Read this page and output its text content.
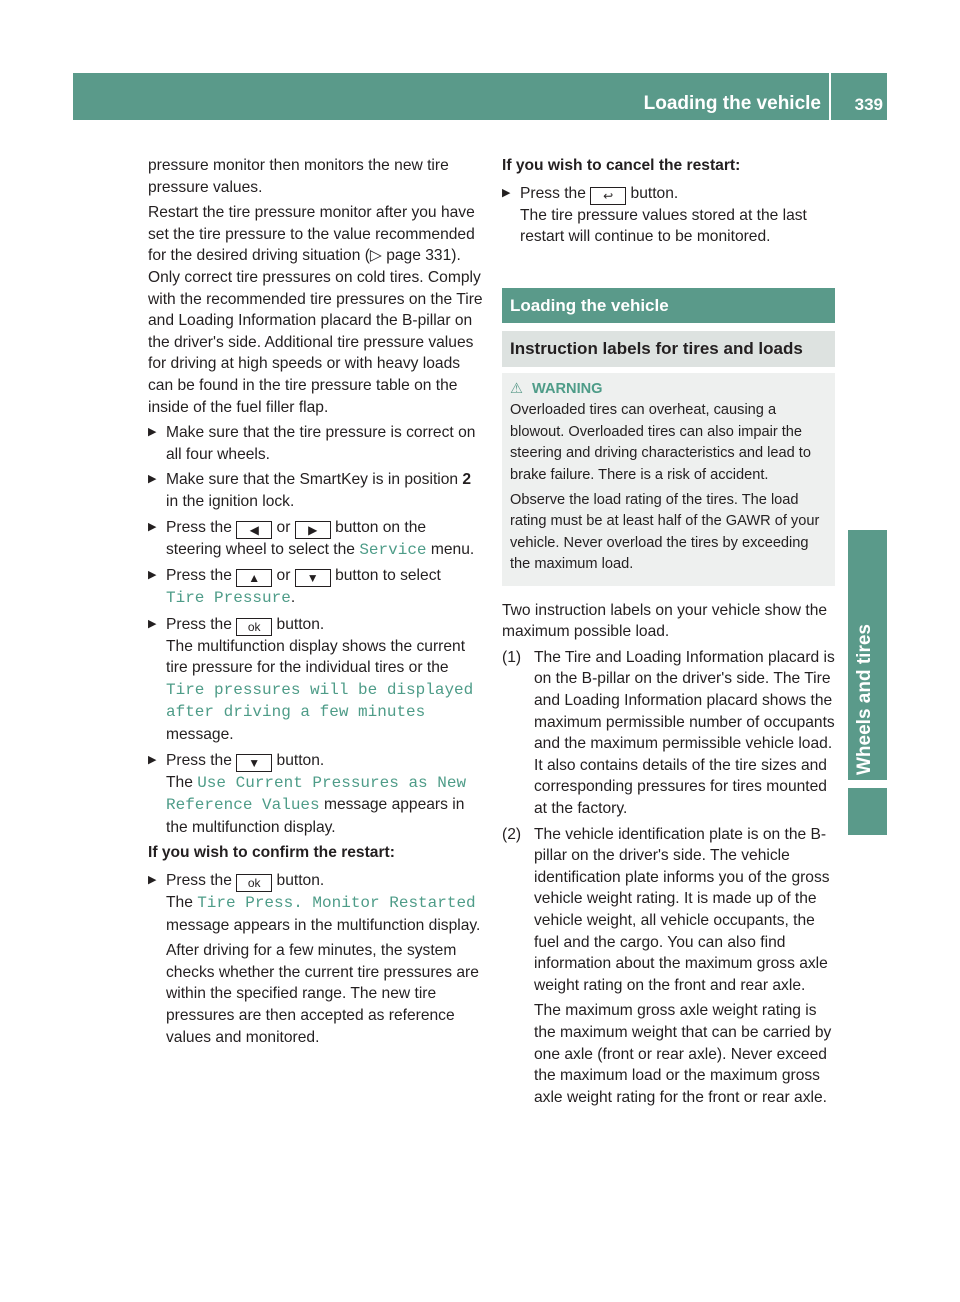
Loading the vehicle 339
Wheels and tires

pressure monitor then monitors the new tire pressure values.

Restart the tire pressure monitor after you have set the tire pressure to the value recommended for the desired driving situation (▷ page 331). Only correct tire pressures on cold tires. Comply with the recommended tire pressures on the Tire and Loading Information placard the B-pillar on the driver's side. Additional tire pressure values for driving at high speeds or with heavy loads can be found in the tire pressure table on the inside of the fuel filler flap.

▶ Make sure that the tire pressure is correct on all four wheels.
▶ Make sure that the SmartKey is in position 2 in the ignition lock.
▶ Press the ◀ or ▶ button on the steering wheel to select the Service menu.
▶ Press the ▲ or ▼ button to select Tire Pressure.
▶ Press the ok button.
The multifunction display shows the current tire pressure for the individual tires or the Tire pressures will be displayed after driving a few minutes message.
▶ Press the ▼ button.
The Use Current Pressures as New Reference Values message appears in the multifunction display.

If you wish to confirm the restart:

▶ Press the ok button.
The Tire Press. Monitor Restarted message appears in the multifunction display.

After driving for a few minutes, the system checks whether the current tire pressures are within the specified range. The new tire pressures are then accepted as reference values and monitored.

If you wish to cancel the restart:

▶ Press the ↩ button.
The tire pressure values stored at the last restart will continue to be monitored.
Loading the vehicle
Instruction labels for tires and loads
⚠ WARNING

Overloaded tires can overheat, causing a blowout. Overloaded tires can also impair the steering and driving characteristics and lead to brake failure. There is a risk of accident.

Observe the load rating of the tires. The load rating must be at least half of the GAWR of your vehicle. Never overload the tires by exceeding the maximum load.

Two instruction labels on your vehicle show the maximum possible load.

(1) The Tire and Loading Information placard is on the B-pillar on the driver's side. The Tire and Loading Information placard shows the maximum permissible number of occupants and the maximum permissible vehicle load. It also contains details of the tire sizes and corresponding pressures for tires mounted at the factory.
(2) The vehicle identification plate is on the B-pillar on the driver's side. The vehicle identification plate informs you of the gross vehicle weight rating. It is made up of the vehicle weight, all vehicle occupants, the fuel and the cargo. You can also find information about the maximum gross axle weight rating on the front and rear axle.

The maximum gross axle weight rating is the maximum weight that can be carried by one axle (front or rear axle). Never exceed the maximum load or the maximum gross axle weight rating for the front or rear axle.
